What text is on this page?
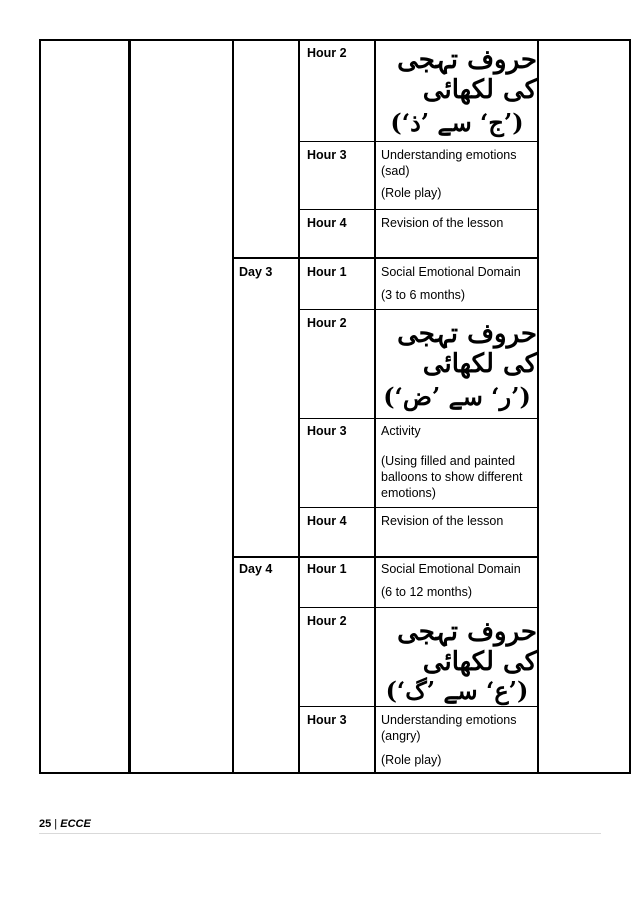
Hour 2	حروف تہجی کی لکھائی
(’ج‘ سے ’ذ‘)
Hour 3	Understanding emotions (sad)
(Role play)
Hour 4	Revision of the lesson
Day 3	Hour 1	Social Emotional Domain
(3 to 6 months)
Hour 2	حروف تہجی کی لکھائی
(’ر‘ سے ’ض‘)
Hour 3	Activity
(Using filled and painted balloons to show different emotions)
Hour 4	Revision of the lesson
Day 4	Hour 1	Social Emotional Domain
(6 to 12 months)
Hour 2	حروف تہجی کی لکھائی
(’ع‘ سے ’گ‘)
Hour 3	Understanding emotions (angry)
(Role play)
25 | ECCE
